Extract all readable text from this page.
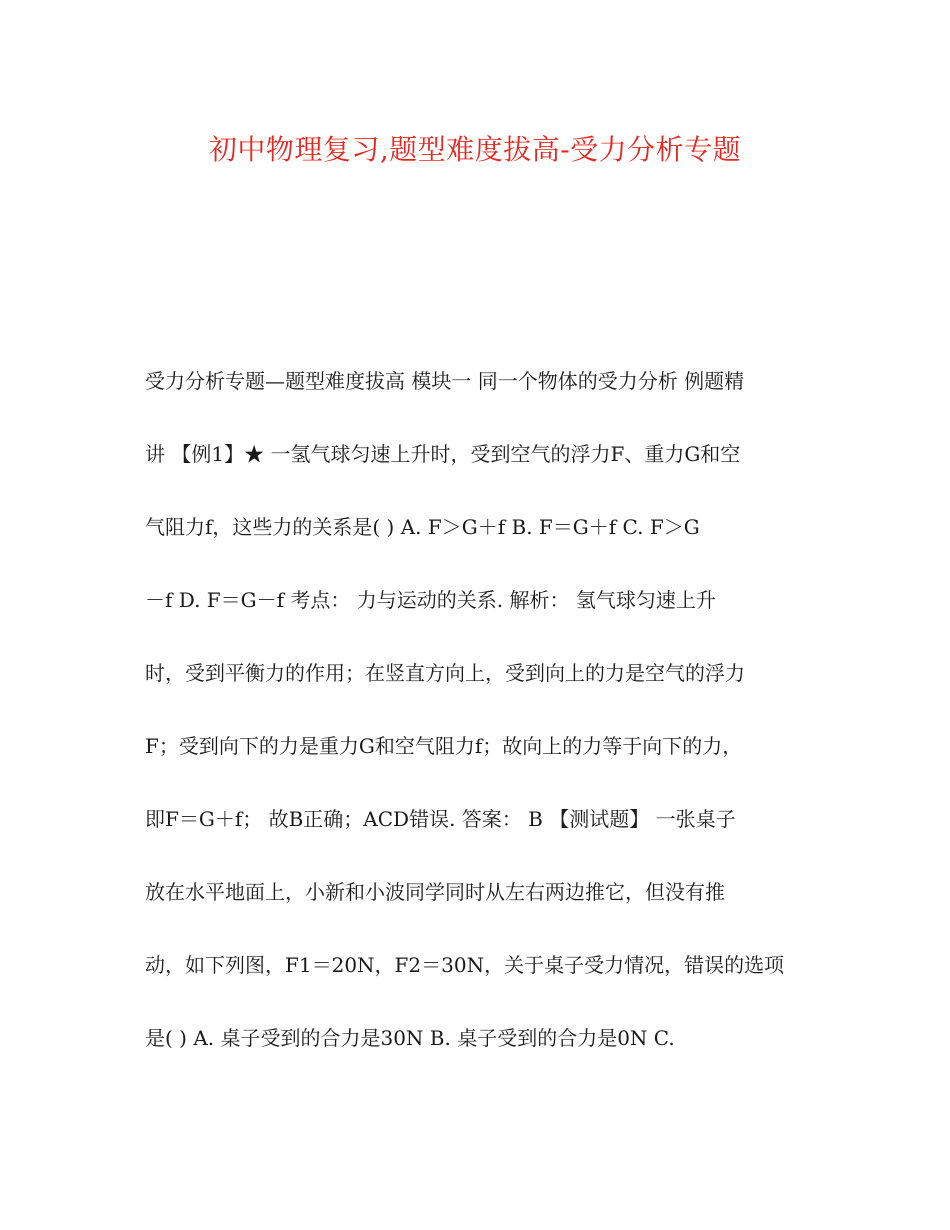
初中物理复习,题型难度拔高-受力分析专题
受力分析专题—题型难度拔高 模块一 同一个物体的受力分析 例题精
讲 【例1】★ 一氢气球匀速上升时，受到空气的浮力F、重力G和空
气阻力f，这些力的关系是( ) A. F＞G＋f B. F＝G＋f C. F＞G
－f D. F＝G－f 考点： 力与运动的关系. 解析： 氢气球匀速上升
时，受到平衡力的作用；在竖直方向上，受到向上的力是空气的浮力
F；受到向下的力是重力G和空气阻力f；故向上的力等于向下的力，
即F＝G＋f； 故B正确；ACD错误. 答案： B 【测试题】 一张桌子
放在水平地面上，小新和小波同学同时从左右两边推它，但没有推
动，如下列图，F1＝20N，F2＝30N，关于桌子受力情况，错误的选项
是( ) A. 桌子受到的合力是30N B. 桌子受到的合力是0N C.
